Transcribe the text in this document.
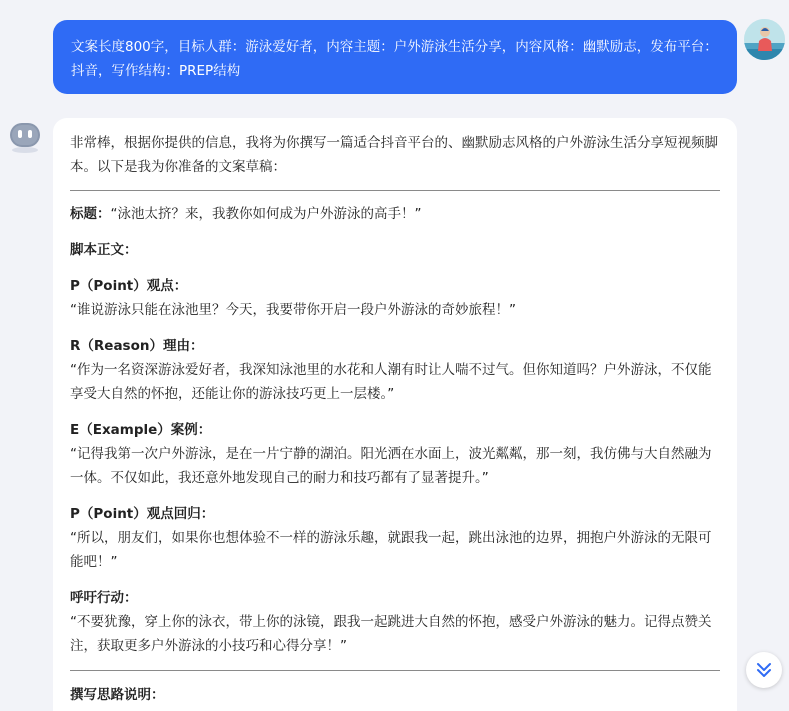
文案长度800字，目标人群：游泳爱好者，内容主题：户外游泳生活分享，内容风格：幽默励志，发布平台：抖音，写作结构：PREP结构

非常棒，根据你提供的信息，我将为你撰写一篇适合抖音平台的、幽默励志风格的户外游泳生活分享短视频脚本。以下是我为你准备的文案草稿：

标题：“泳池太挤？来，我教你如何成为户外游泳的高手！”

脚本正文：

P（Point）观点：

“谁说游泳只能在泳池里？今天，我要带你开启一段户外游泳的奇妙旅程！”

R（Reason）理由：

“作为一名资深游泳爱好者，我深知泳池里的水花和人潮有时让人喘不过气。但你知道吗？户外游泳，不仅能享受大自然的怀抱，还能让你的游泳技巧更上一层楼。”

E（Example）案例：

“记得我第一次户外游泳，是在一片宁静的湖泊。阳光洒在水面上，波光粼粼，那一刻，我仿佛与大自然融为一体。不仅如此，我还意外地发现自己的耐力和技巧都有了显著提升。”

P（Point）观点回归：

“所以，朋友们，如果你也想体验不一样的游泳乐趣，就跟我一起，跳出泳池的边界，拥抱户外游泳的无限可能吧！”

呼吁行动：

“不要犹豫，穿上你的泳衣，带上你的泳镜，跟我一起跳进大自然的怀抱，感受户外游泳的魅力。记得点赞关注，获取更多户外游泳的小技巧和心得分享！”

撰写思路说明：
